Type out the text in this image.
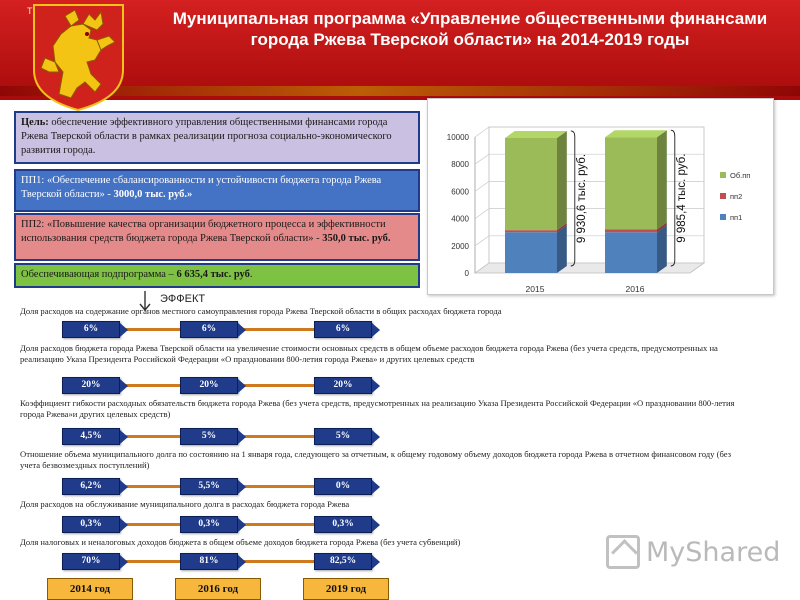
Муниципальная программа «Управление общественными финансами города Ржева Тверской области» на 2014-2019 годы
Т
Цель: обеспечение эффективного управления общественными финансами города Ржева Тверской области в рамках реализации прогноза социально-экономического развития города.
ПП1: «Обеспечение сбалансированности и устойчивости бюджета города Ржева Тверской области» - 3000,0 тыс. руб.»
ПП2: «Повышение качества организации бюджетного процесса и эффективности использования средств бюджета города Ржева Тверской области» - 350,0 тыс. руб.
Обеспечивающая подпрограмма – 6 635,4 тыс. руб.	0
2000
4000
6000
8000
10000
2015
9 930,6 тыс. руб.
2016
9 985,4 тыс. руб.	Об.пп
пп2
пп1
ЭФФЕКТ
Доля расходов на содержание органов местного самоуправления города Ржева Тверской области в общих расходах бюджета города
6%	6%	6%
Доля расходов бюджета города Ржева Тверской области на увеличение стоимости основных средств в общем объеме расходов бюджета города Ржева (без учета средств, предусмотренных на реализацию Указа Президента Российской Федерации «О праздновании 800-летия города Ржева» и других целевых средств
20%	20%	20%
Коэффициент гибкости расходных обязательств бюджета города Ржева (без учета средств, предусмотренных на реализацию Указа Президента Российской Федерации «О праздновании 800-летия города Ржева»и других целевых средств)
4,5%	5%	5%
Отношение объема муниципального долга по состоянию на 1 января года, следующего за отчетным, к общему годовому объему доходов бюджета города Ржева в отчетном финансовом году (без учета безвозмездных поступлений)
6,2%	5,5%	0%
Доля расходов на обслуживание муниципального долга в расходах бюджета города Ржева
0,3%	0,3%	0,3%
Доля налоговых и неналоговых доходов бюджета в общем объеме доходов бюджета города Ржева (без учета субвенций)
70%	81%	82,5%
2014 год	2016 год	2019 год
MyShared
